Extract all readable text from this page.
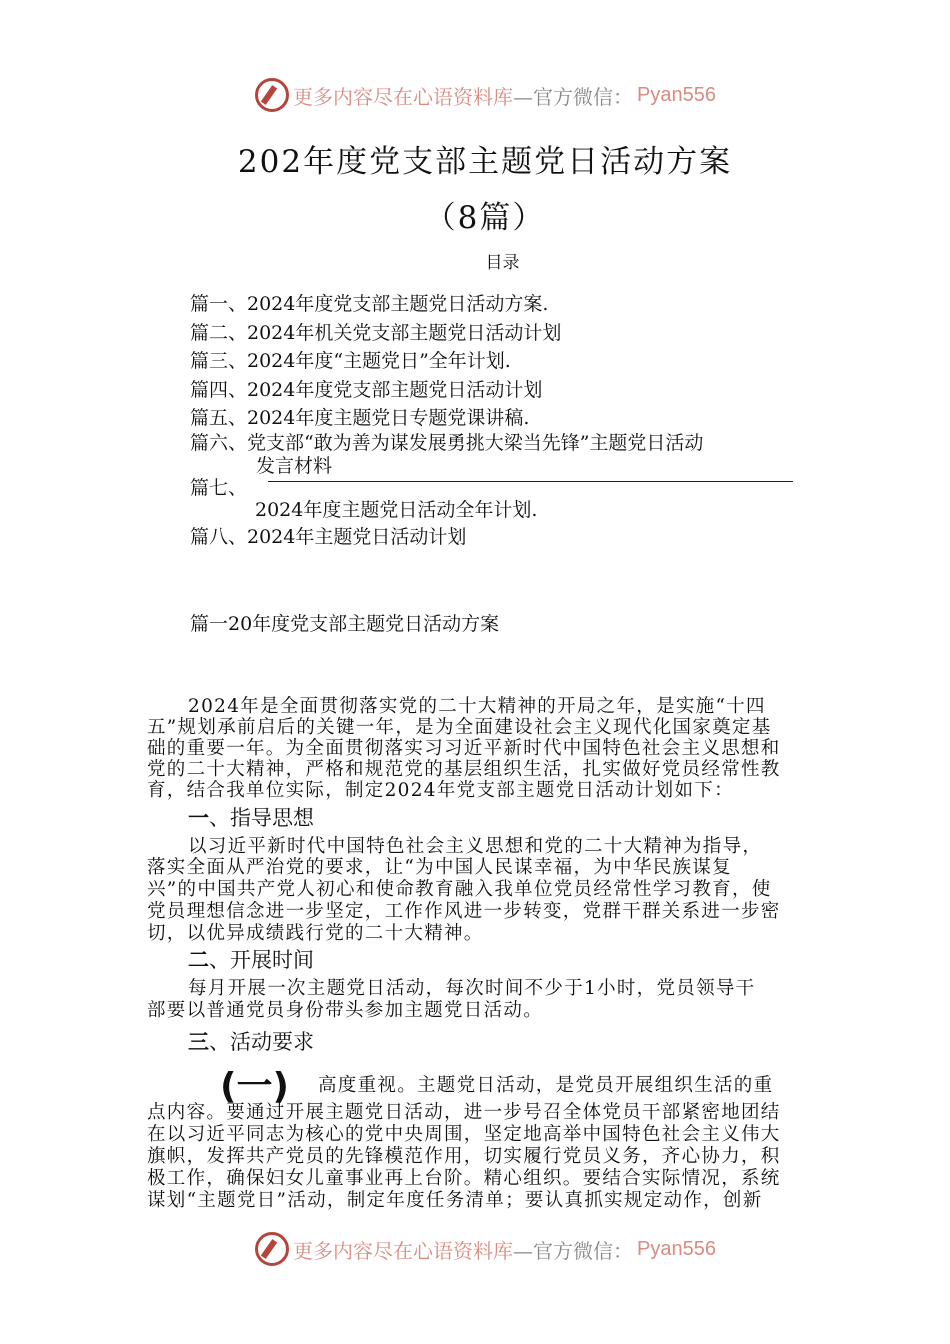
更多内容尽在心语资料库 —官方微信： Pyan556
202年度党支部主题党日活动方案
（8篇）
目录
篇一、2024年度党支部主题党日活动方案.
篇二、2024年机关党支部主题党日活动计划
篇三、2024年度“主题党日”全年计划.
篇四、2024年度党支部主题党日活动计划
篇五、2024年度主题党日专题党课讲稿.
篇六、党支部“敢为善为谋发展勇挑大梁当先锋”主题党日活动
发言材料
篇七、
2024年度主题党日活动全年计划.
篇八、2024年主题党日活动计划
篇一20年度党支部主题党日活动方案
2024年是全面贯彻落实党的二十大精神的开局之年，是实施“十四
五”规划承前启后的关键一年，是为全面建设社会主义现代化国家奠定基
础的重要一年。为全面贯彻落实习习近平新时代中国特色社会主义思想和
党的二十大精神，严格和规范党的基层组织生活，扎实做好党员经常性教
育，结合我单位实际，制定2024年党支部主题党日活动计划如下：
一、指导思想
以习近平新时代中国特色社会主义思想和党的二十大精神为指导，
落实全面从严治党的要求，让“为中国人民谋幸福，为中华民族谋复
兴”的中国共产党人初心和使命教育融入我单位党员经常性学习教育，使
党员理想信念进一步坚定，工作作风进一步转变，党群干群关系进一步密
切，以优异成绩践行党的二十大精神。
二、开展时间
每月开展一次主题党日活动，每次时间不少于1小时，党员领导干
部要以普通党员身份带头参加主题党日活动。
三、活动要求
(一) 高度重视。主题党日活动，是党员开展组织生活的重
点内容。要通过开展主题党日活动，进一步号召全体党员干部紧密地团结
在以习近平同志为核心的党中央周围，坚定地高举中国特色社会主义伟大
旗帜，发挥共产党员的先锋模范作用，切实履行党员义务，齐心协力，积
极工作，确保妇女儿童事业再上台阶。精心组织。要结合实际情况，系统
谋划“主题党日”活动，制定年度任务清单；要认真抓实规定动作，创新
更多内容尽在心语资料库 —官方微信： Pyan556
